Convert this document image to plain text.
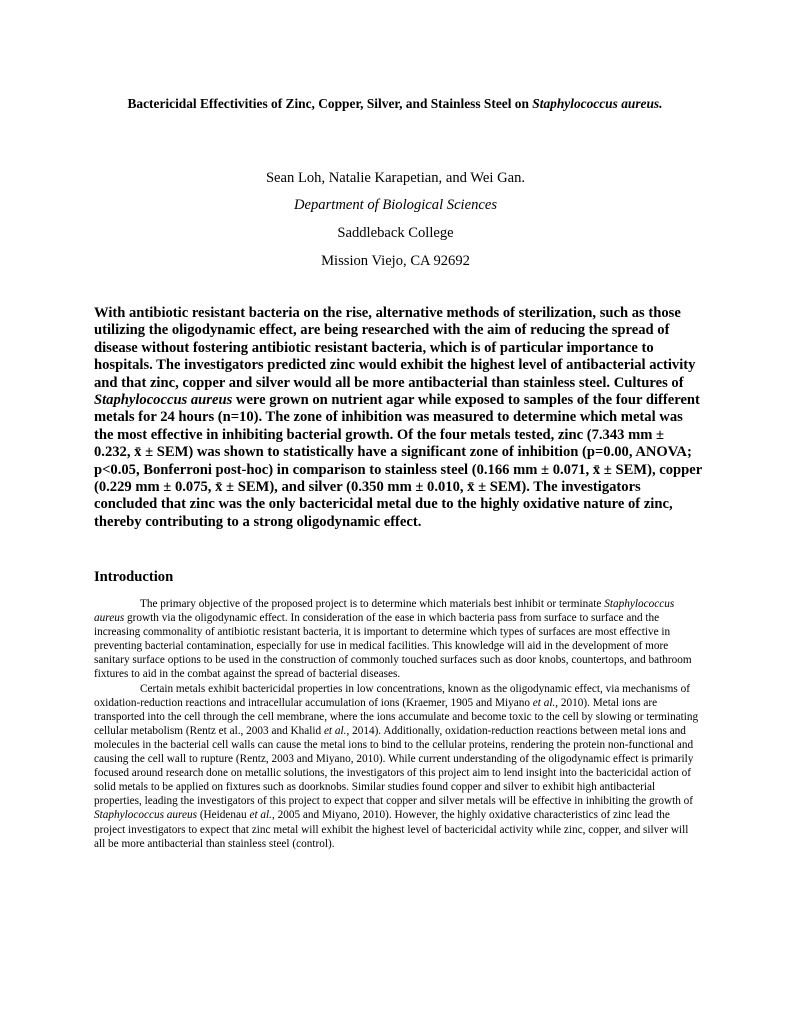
Bactericidal Effectivities of Zinc, Copper, Silver, and Stainless Steel on Staphylococcus aureus.
Sean Loh, Natalie Karapetian, and Wei Gan.
Department of Biological Sciences
Saddleback College
Mission Viejo, CA 92692

With antibiotic resistant bacteria on the rise, alternative methods of sterilization, such as those utilizing the oligodynamic effect, are being researched with the aim of reducing the spread of disease without fostering antibiotic resistant bacteria, which is of particular importance to hospitals. The investigators predicted zinc would exhibit the highest level of antibacterial activity and that zinc, copper and silver would all be more antibacterial than stainless steel. Cultures of Staphylococcus aureus were grown on nutrient agar while exposed to samples of the four different metals for 24 hours (n=10). The zone of inhibition was measured to determine which metal was the most effective in inhibiting bacterial growth. Of the four metals tested, zinc (7.343 mm ± 0.232, x̄ ± SEM) was shown to statistically have a significant zone of inhibition (p=0.00, ANOVA; p<0.05, Bonferroni post-hoc) in comparison to stainless steel (0.166 mm ± 0.071, x̄ ± SEM), copper (0.229 mm ± 0.075, x̄ ± SEM), and silver (0.350 mm ± 0.010, x̄ ± SEM). The investigators concluded that zinc was the only bactericidal metal due to the highly oxidative nature of zinc, thereby contributing to a strong oligodynamic effect.

Introduction

The primary objective of the proposed project is to determine which materials best inhibit or terminate Staphylococcus aureus growth via the oligodynamic effect. In consideration of the ease in which bacteria pass from surface to surface and the increasing commonality of antibiotic resistant bacteria, it is important to determine which types of surfaces are most effective in preventing bacterial contamination, especially for use in medical facilities. This knowledge will aid in the development of more sanitary surface options to be used in the construction of commonly touched surfaces such as door knobs, countertops, and bathroom fixtures to aid in the combat against the spread of bacterial diseases.

Certain metals exhibit bactericidal properties in low concentrations, known as the oligodynamic effect, via mechanisms of oxidation-reduction reactions and intracellular accumulation of ions (Kraemer, 1905 and Miyano et al., 2010). Metal ions are transported into the cell through the cell membrane, where the ions accumulate and become toxic to the cell by slowing or terminating cellular metabolism (Rentz et al., 2003 and Khalid et al., 2014). Additionally, oxidation-reduction reactions between metal ions and molecules in the bacterial cell walls can cause the metal ions to bind to the cellular proteins, rendering the protein non-functional and causing the cell wall to rupture (Rentz, 2003 and Miyano, 2010). While current understanding of the oligodynamic effect is primarily focused around research done on metallic solutions, the investigators of this project aim to lend insight into the bactericidal action of solid metals to be applied on fixtures such as doorknobs. Similar studies found copper and silver to exhibit high antibacterial properties, leading the investigators of this project to expect that copper and silver metals will be effective in inhibiting the growth of Staphylococcus aureus (Heidenau et al., 2005 and Miyano, 2010). However, the highly oxidative characteristics of zinc lead the project investigators to expect that zinc metal will exhibit the highest level of bactericidal activity while zinc, copper, and silver will all be more antibacterial than stainless steel (control).
